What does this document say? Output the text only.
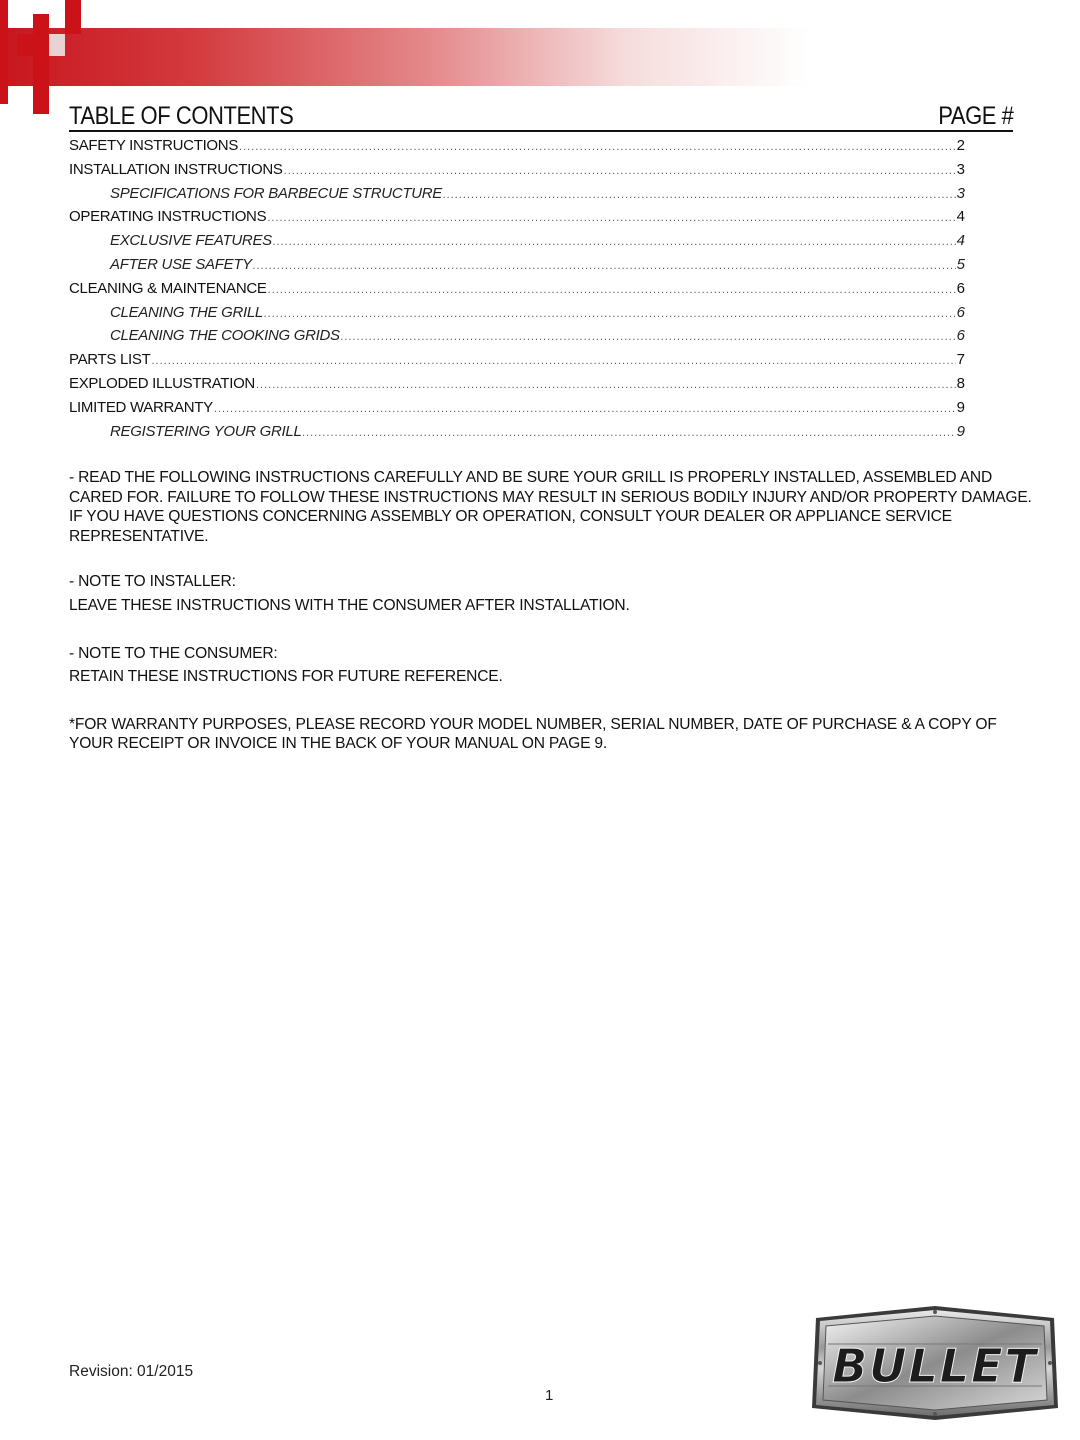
TABLE OF CONTENTS	PAGE #
SAFETY INSTRUCTIONS .....	2
INSTALLATION INSTRUCTIONS .....	3
SPECIFICATIONS FOR BARBECUE STRUCTURE .....	3
OPERATING INSTRUCTIONS .....	4
EXCLUSIVE FEATURES .....	4
AFTER USE SAFETY .....	5
CLEANING & MAINTENANCE .....	6
CLEANING THE GRILL .....	6
CLEANING THE COOKING GRIDS .....	6
PARTS LIST .....	7
EXPLODED ILLUSTRATION .....	8
LIMITED WARRANTY .....	9
REGISTERING YOUR GRILL .....	9

- READ THE FOLLOWING INSTRUCTIONS CAREFULLY AND BE SURE YOUR GRILL IS PROPERLY INSTALLED, ASSEMBLED AND CARED FOR. FAILURE TO FOLLOW THESE INSTRUCTIONS MAY RESULT IN SERIOUS BODILY INJURY AND/OR PROPERTY DAMAGE. IF YOU HAVE QUESTIONS CONCERNING ASSEMBLY OR OPERATION, CONSULT YOUR DEALER OR APPLIANCE SERVICE REPRESENTATIVE.

- NOTE TO INSTALLER:

LEAVE THESE INSTRUCTIONS WITH THE CONSUMER AFTER INSTALLATION.

- NOTE TO THE CONSUMER:

RETAIN THESE INSTRUCTIONS FOR FUTURE REFERENCE.

*FOR WARRANTY PURPOSES, PLEASE RECORD YOUR MODEL NUMBER, SERIAL NUMBER, DATE OF PURCHASE & A COPY OF YOUR RECEIPT OR INVOICE IN THE BACK OF YOUR MANUAL ON PAGE 9.

Revision: 01/2015
1
BULLET
